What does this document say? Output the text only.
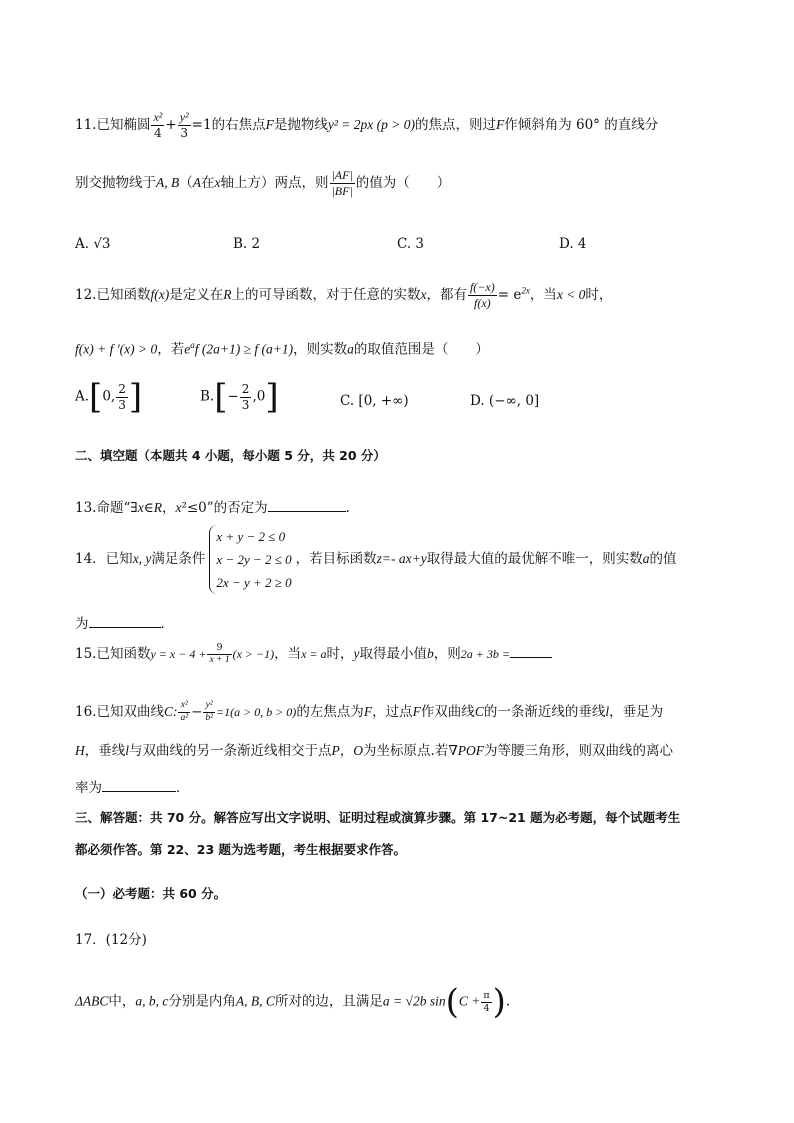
11.已知椭圆 $\frac{\text{x²}}{4} + \frac{\text{y²}}{3} =1$的右焦点F是抛物线y² = 2px (p > 0)的焦点，则过F作倾斜角为 60° 的直线分
别交抛物线于A, B（A在x轴上方）两点，则 $\frac{|AF|}{|BF|}$ 的值为（　　）
A. √3	B. 2	C. 3	D. 4
12.已知函数f(x)是定义在R上的可导函数，对于任意的实数x，都有 $\frac{f(-x)}{f(x)} = e^{2x}$，当x < 0时，
f(x) + f ′(x) > 0，若$e^af$ (2a+1) ≥ f (a+1)，则实数a的取值范围是（　　）
A.[0, $\frac{2}{3}$ ]	$B.[- \frac{2}{3} ,0]$	C. [0, +∞)	D. (−∞, 0]
二、填空题（本题共 4 小题，每小题 5 分，共 20 分）
13.命题“∃x∈R，x²≤0”的否定为	．
14．已知x, y满足条件
x + y − 2 ≤ 0
x − 2y − 2 ≤ 0
2x − y + 2 ≥ 0
，若目标函数z=- ax+y取得最大值的最优解不唯一，则实数a的值
为	．
15.已知函数$y = x - 4 + \frac{9}{x + 1} (x > -1)$，当x = a时，y取得最小值b，则2a + 3b =
16.已知双曲线C: $\frac{\text{x²}}{\text{a²}} - \frac{\text{y²}}{\text{b²}} =1(a > 0$, b > 0)的左焦点为F，过点F作双曲线C的一条渐近线的垂线l，垂足为
H，垂线l与双曲线的另一条渐近线相交于点P，O为坐标原点.若∇POF为等腰三角形，则双曲线的离心
率为	．
三、解答题：共 70 分。解答应写出文字说明、证明过程或演算步骤。第 17~21 题为必考题，每个试题考生
都必须作答。第 22、23 题为选考题，考生根据要求作答。
（一）必考题：共 60 分。
17．(12分)
ΔABC中，a, b, c分别是内角A, B, C所对的边，且满足a = √2b $\sin(C + \frac{\pi}{4}$ ).
